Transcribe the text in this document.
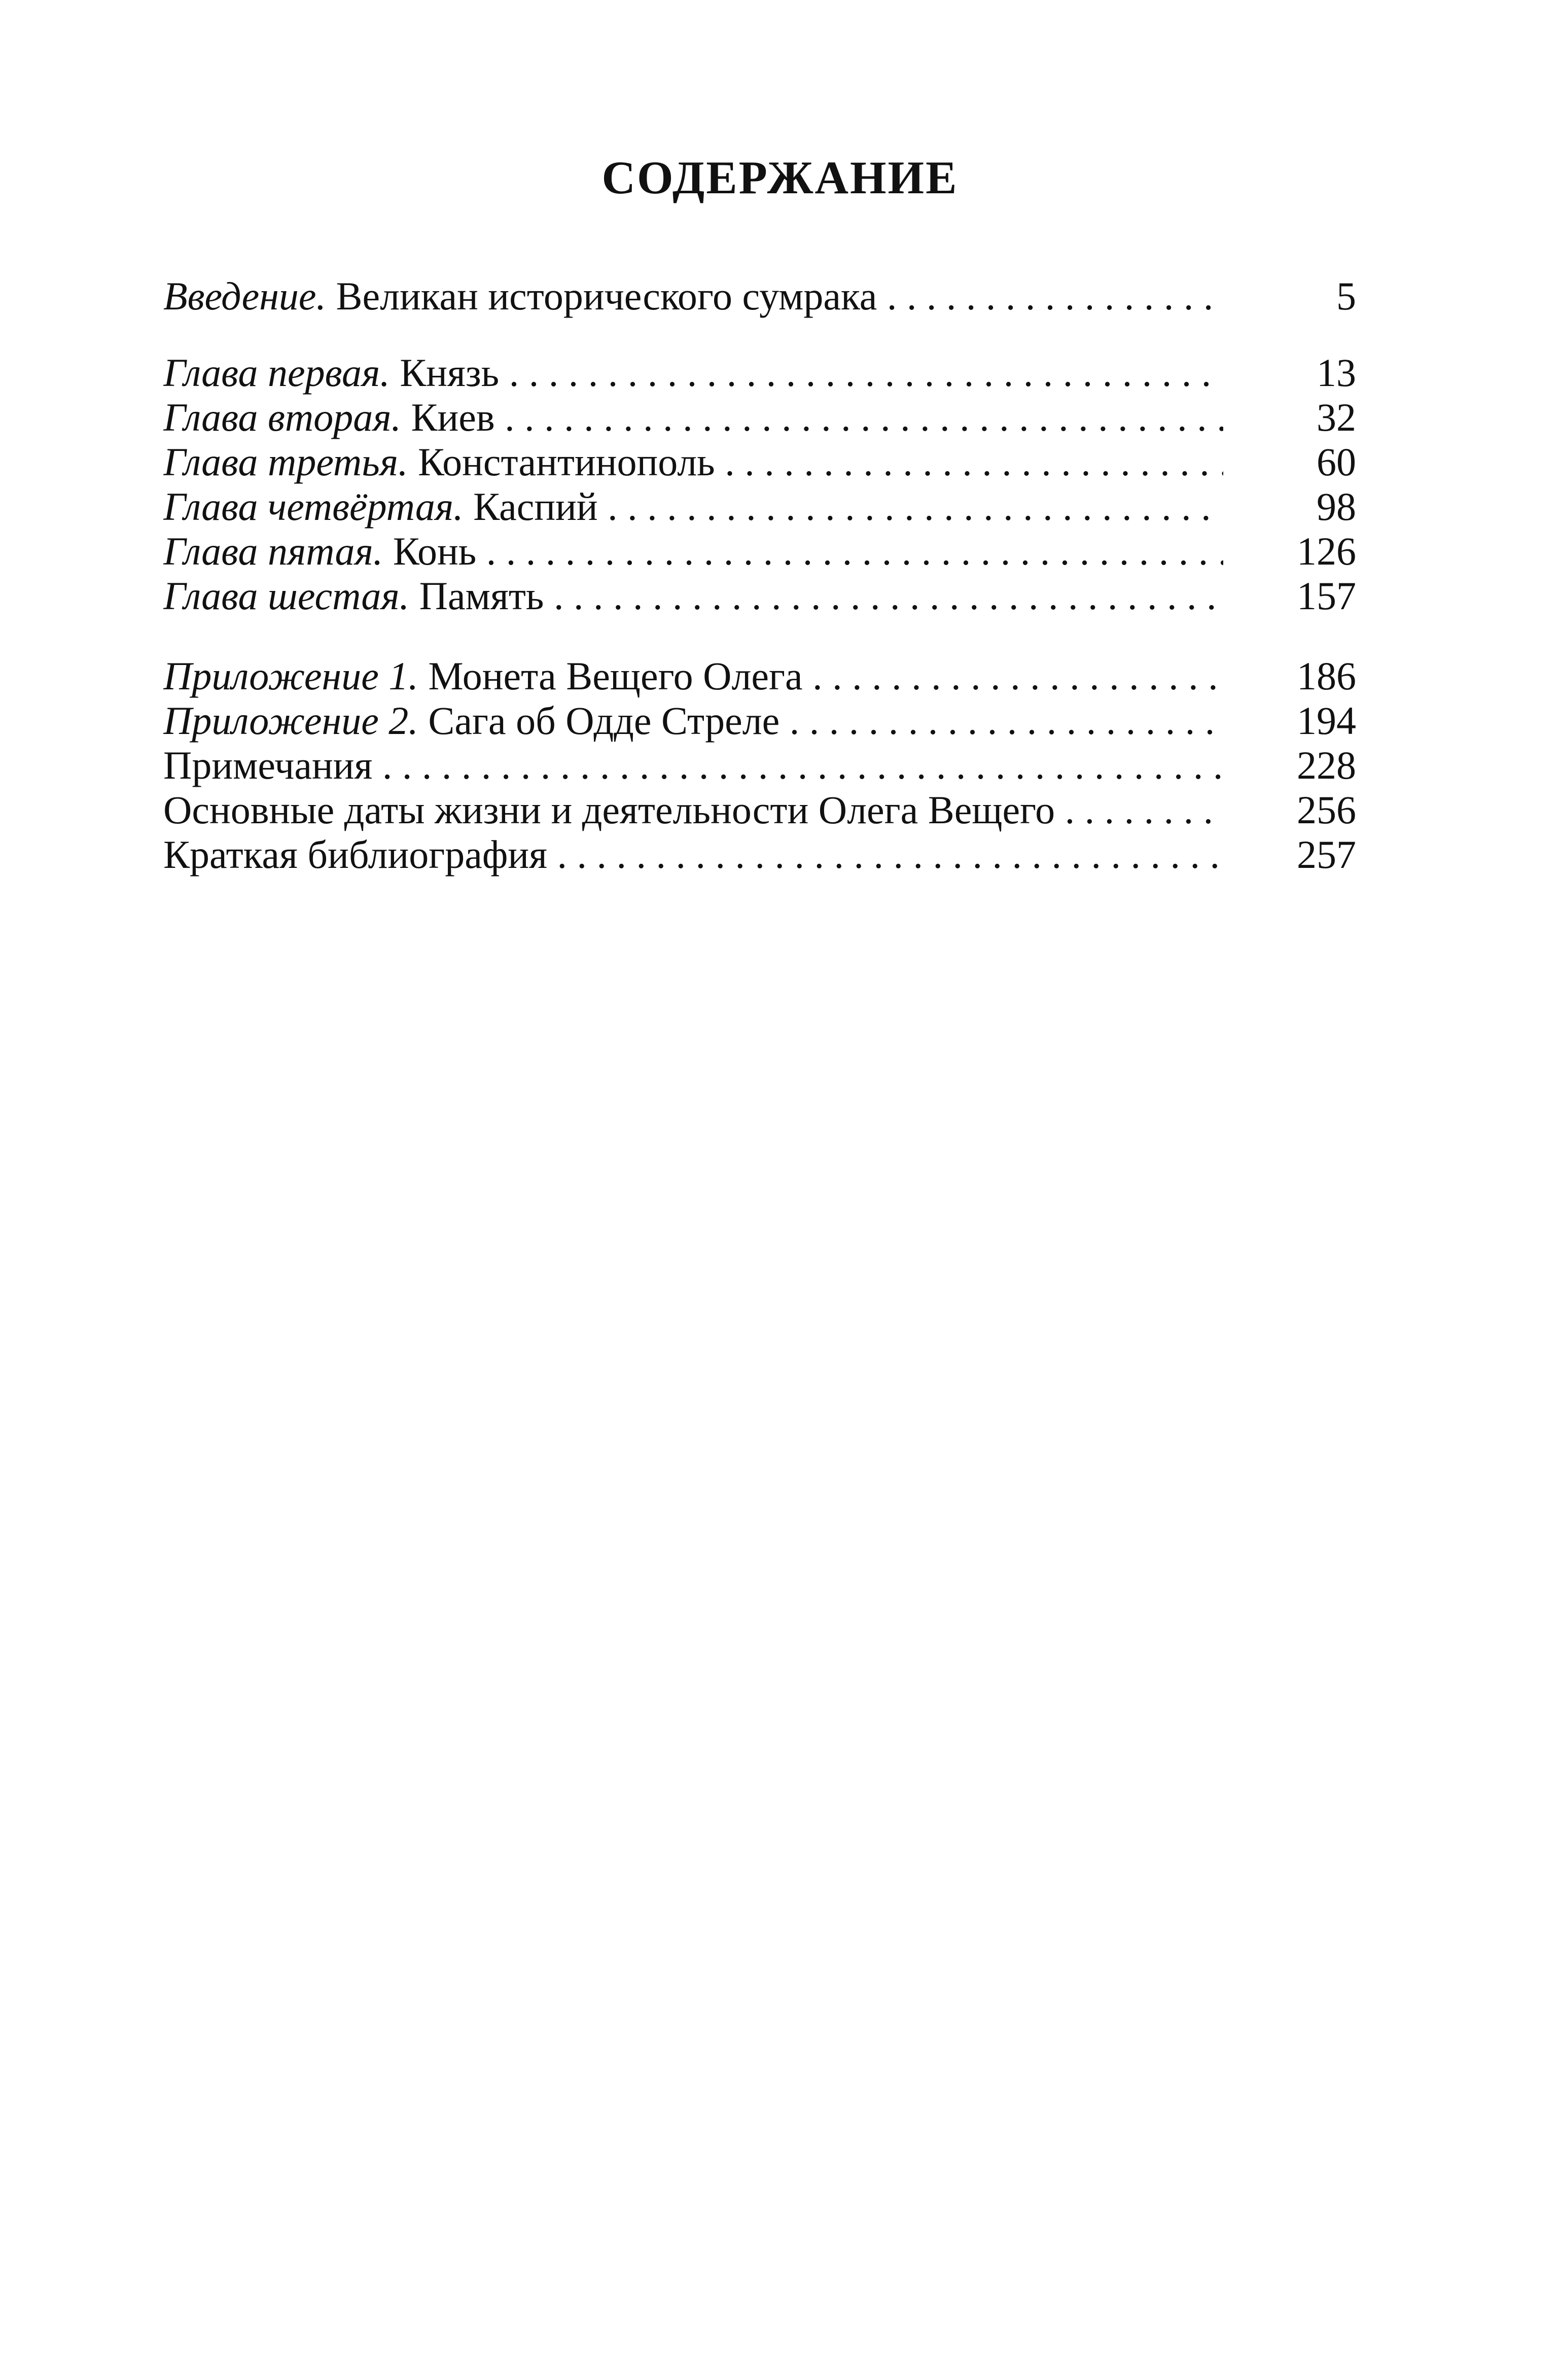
СОДЕРЖАНИЕ
Введение. Великан исторического сумрака . . .	5
Глава первая. Князь . . .	13
Глава вторая. Киев . . .	32
Глава третья. Константинополь . . .	60
Глава четвёртая. Каспий . . .	98
Глава пятая. Конь . . .	126
Глава шестая. Память . . .	157
Приложение 1. Монета Вещего Олега . . .	186
Приложение 2. Сага об Одде Стреле . . .	194
Примечания . . .	228
Основные даты жизни и деятельности Олега Вещего . . .	256
Краткая библиография . . .	257
